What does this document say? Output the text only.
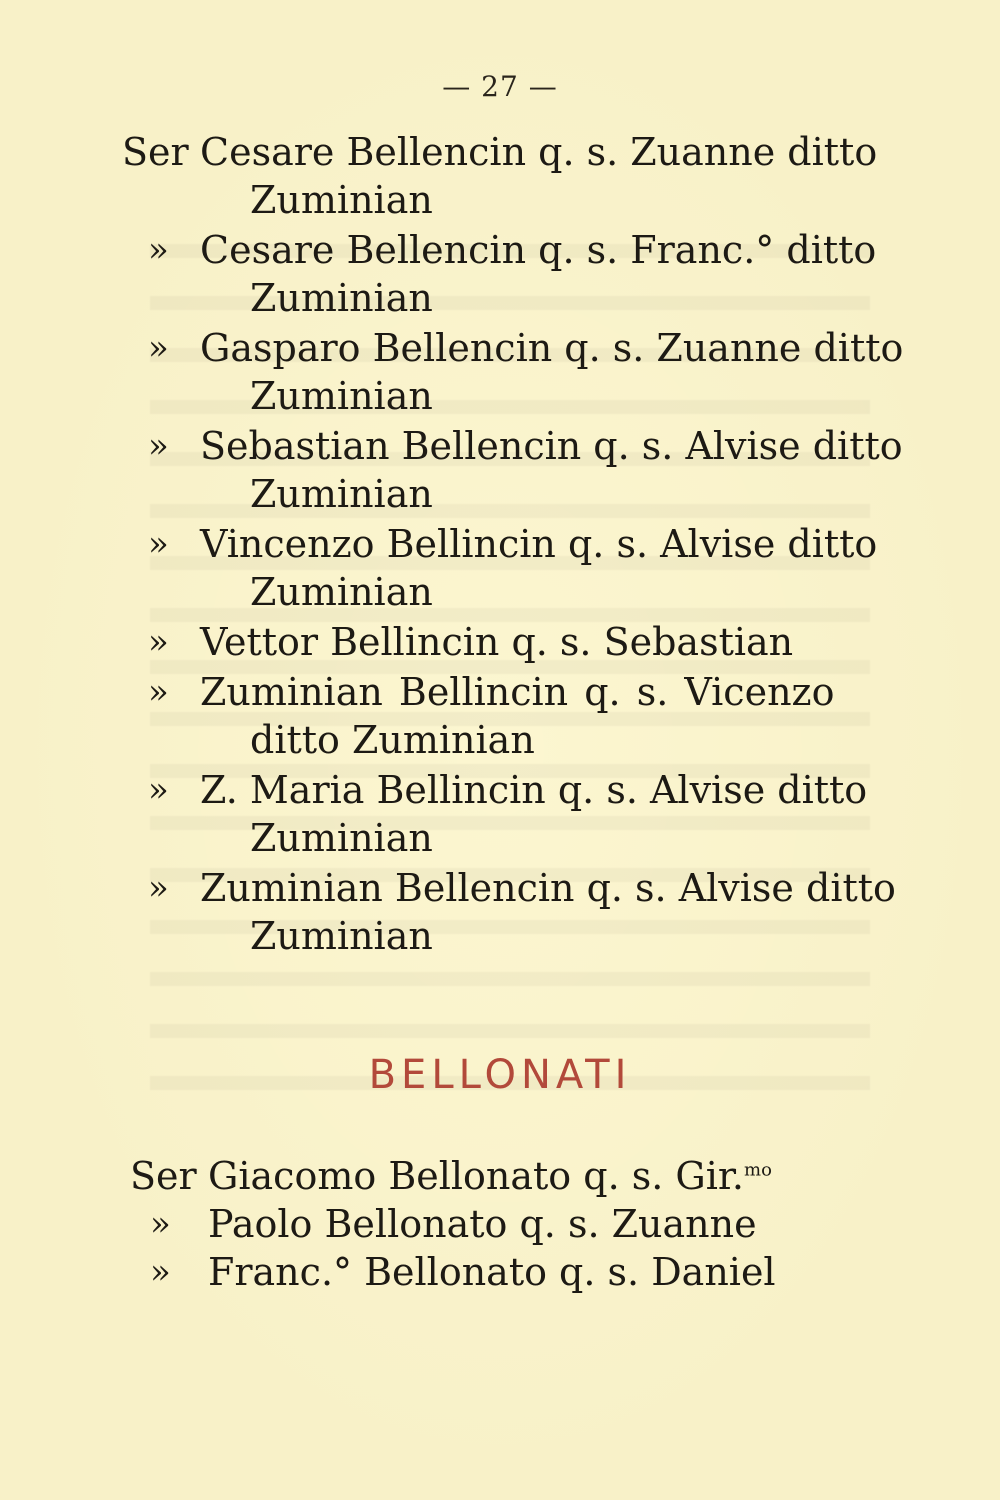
— 27 —
Ser Cesare Bellencin q. s. Zuanne ditto
Zuminian
» Cesare Bellencin q. s. Franc.° ditto
Zuminian
» Gasparo Bellencin q. s. Zuanne ditto
Zuminian
» Sebastian Bellencin q. s. Alvise ditto
Zuminian
» Vincenzo Bellincin q. s. Alvise ditto
Zuminian
» Vettor Bellincin q. s. Sebastian
» Zuminian Bellincin q. s. Vicenzo
ditto Zuminian
» Z. Maria Bellincin q. s. Alvise ditto
Zuminian
» Zuminian Bellencin q. s. Alvise ditto
Zuminian
BELLONATI
Ser Giacomo Bellonato q. s. Gir.$^{mo}$
» Paolo Bellonato q. s. Zuanne
» Franc.° Bellonato q. s. Daniel
